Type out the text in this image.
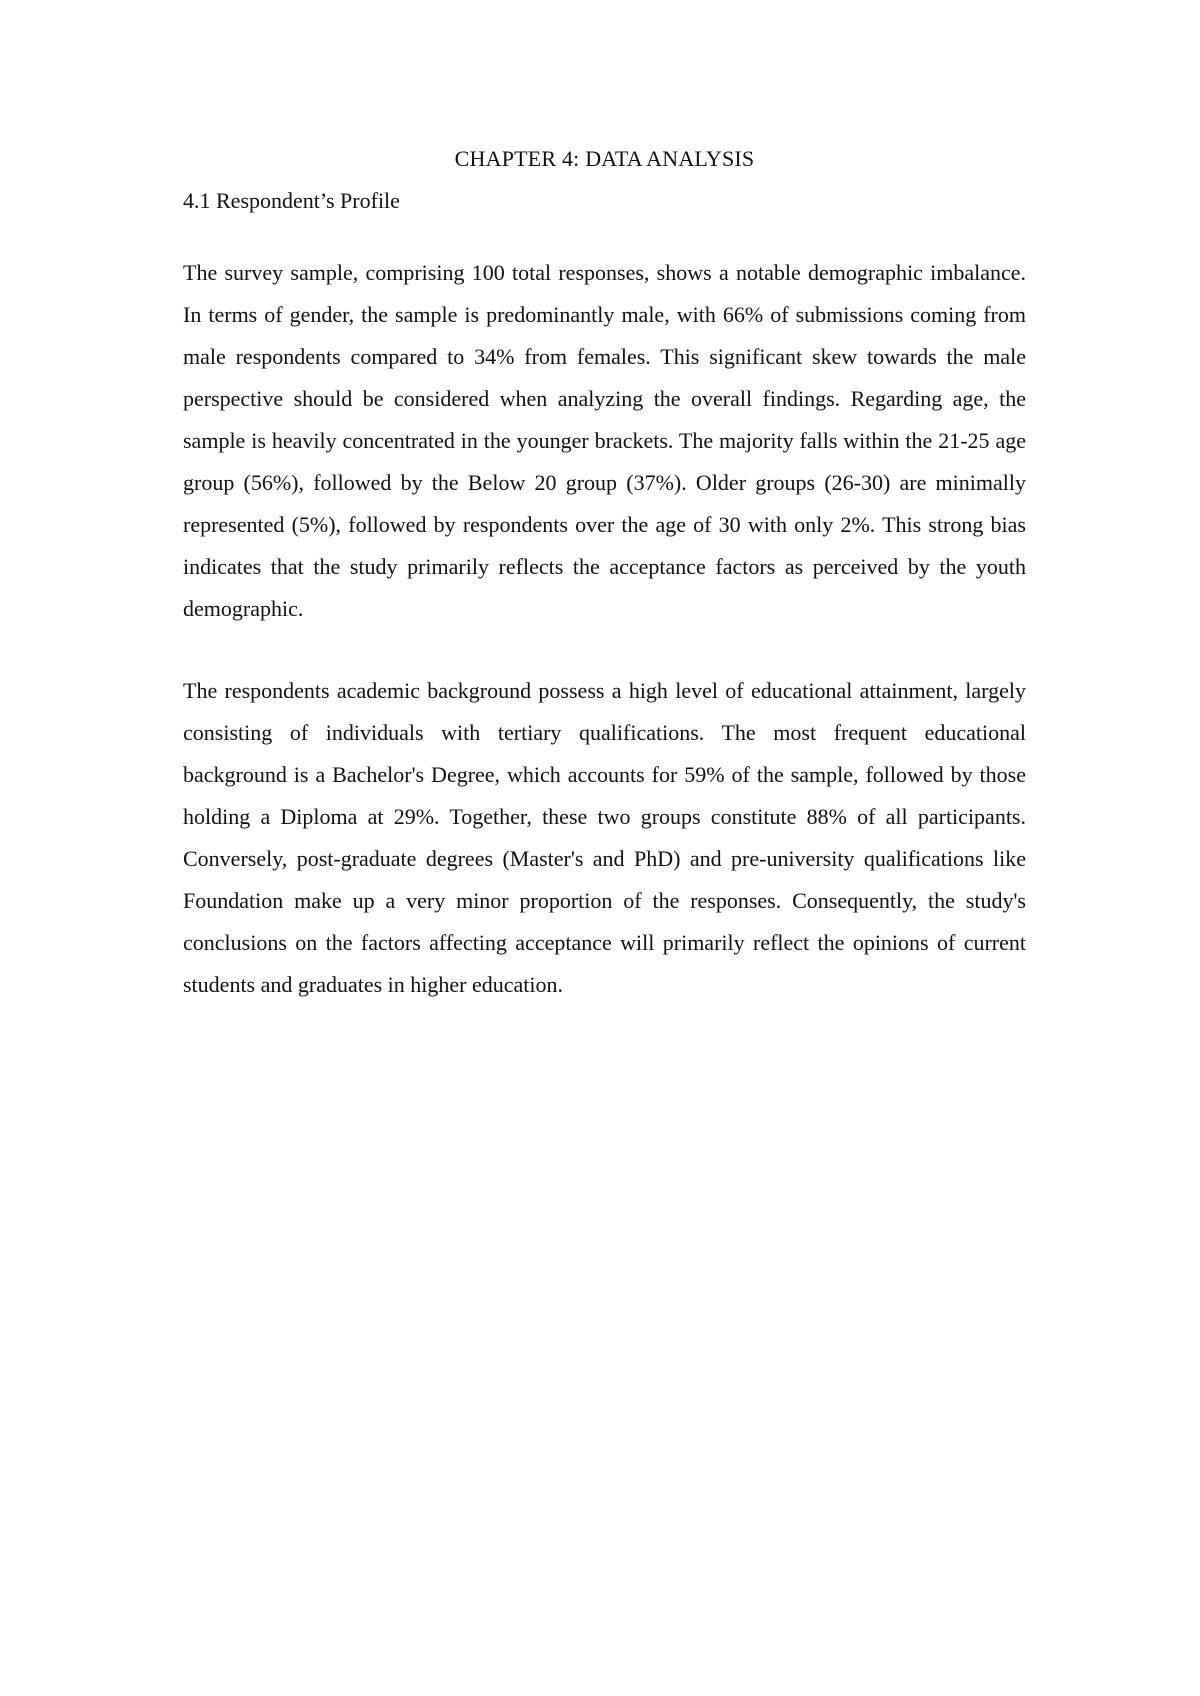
CHAPTER 4: DATA ANALYSIS
4.1 Respondent’s Profile

The survey sample, comprising 100 total responses, shows a notable demographic imbalance. In terms of gender, the sample is predominantly male, with 66% of submissions coming from male respondents compared to 34% from females. This significant skew towards the male perspective should be considered when analyzing the overall findings. Regarding age, the sample is heavily concentrated in the younger brackets. The majority falls within the 21-25 age group (56%), followed by the Below 20 group (37%). Older groups (26-30) are minimally represented (5%), followed by respondents over the age of 30 with only 2%. This strong bias indicates that the study primarily reflects the acceptance factors as perceived by the youth demographic.

The respondents academic background possess a high level of educational attainment, largely consisting of individuals with tertiary qualifications. The most frequent educational background is a Bachelor's Degree, which accounts for 59% of the sample, followed by those holding a Diploma at 29%. Together, these two groups constitute 88% of all participants. Conversely, post-graduate degrees (Master's and PhD) and pre-university qualifications like Foundation make up a very minor proportion of the responses. Consequently, the study's conclusions on the factors affecting acceptance will primarily reflect the opinions of current students and graduates in higher education.
